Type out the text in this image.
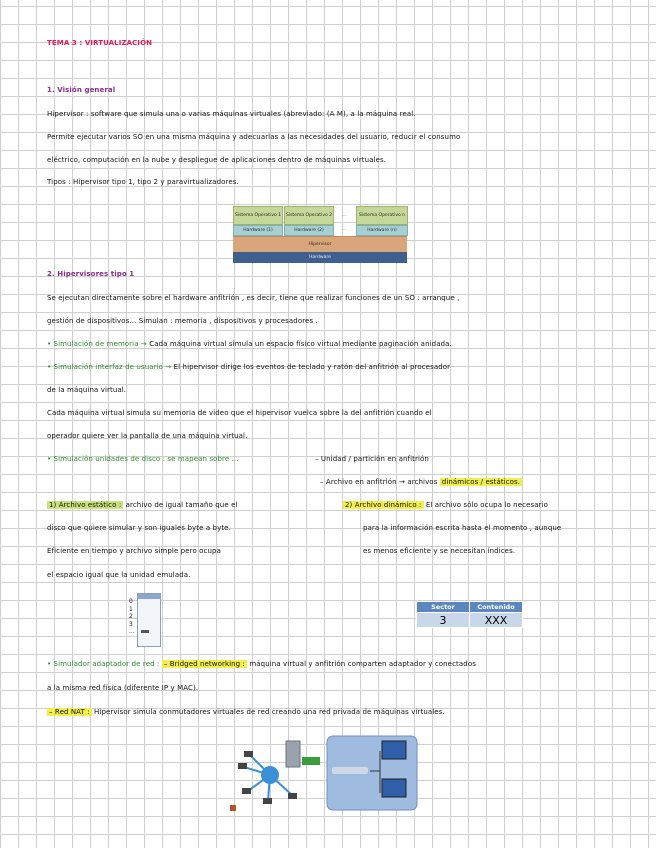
TEMA 3 : VIRTUALIZACIÓN
1. Visión general
Hipervisor : software que simula una o varias máquinas virtuales (abreviado: (A M), a la máquina real.
Permite ejecutar varios SO en una misma máquina y adecuarlas a las necesidades del usuario, reducir el consumo
eléctrico, computación en la nube y despliegue de aplicaciones dentro de máquinas virtuales.
Tipos : Hipervisor tipo 1, tipo 2 y paravirtualizadores.
Sistema Operativo 1	Sistema Operativo 2	...	Sistema Operativo n
Hardware (1)	Hardware (2)	...	Hardware (n)
Hipervisor
Hardware
2. Hipervisores tipo 1
Se ejecutan directamente sobre el hardware anfitrión , es decir, tiene que realizar funciones de un SO : arranque ,
gestión de dispositivos... Simulan : memoria , dispositivos y procesadores .
• Simulación de memoria → Cada máquina virtual simula un espacio físico virtual mediante paginación anidada.
• Simulación interfaz de usuario → El hipervisor dirige los eventos de teclado y ratón del anfitrión al procesador
de la máquina virtual.
Cada máquina virtual simula su memoria de vídeo que el hipervisor vuelca sobre la del anfitrión cuando el
operador quiere ver la pantalla de una máquina virtual.
• Simulación unidades de disco : se mapean sobre ...	– Unidad / partición en anfitrión
– Archivo en anfitrión → archivos dinámicos / estáticos.
1) Archivo estático : archivo de igual tamaño que el
disco que quiere simular y son iguales byte a byte.
Eficiente en tiempo y archivo simple pero ocupa
el espacio igual que la unidad emulada.
2) Archivo dinámico : El archivo sólo ocupa lo necesario
para la información escrita hasta el momento , aunque
es menos eficiente y se necesitan índices.
0
1
2
3
...
Sector	Contenido
3	XXX
• Simulador adaptador de red : – Bridged networking : máquina virtual y anfitrión comparten adaptador y conectados
a la misma red física (diferente IP y MAC).
– Red NAT : Hipervisor simula conmutadores virtuales de red creando una red privada de máquinas virtuales.
